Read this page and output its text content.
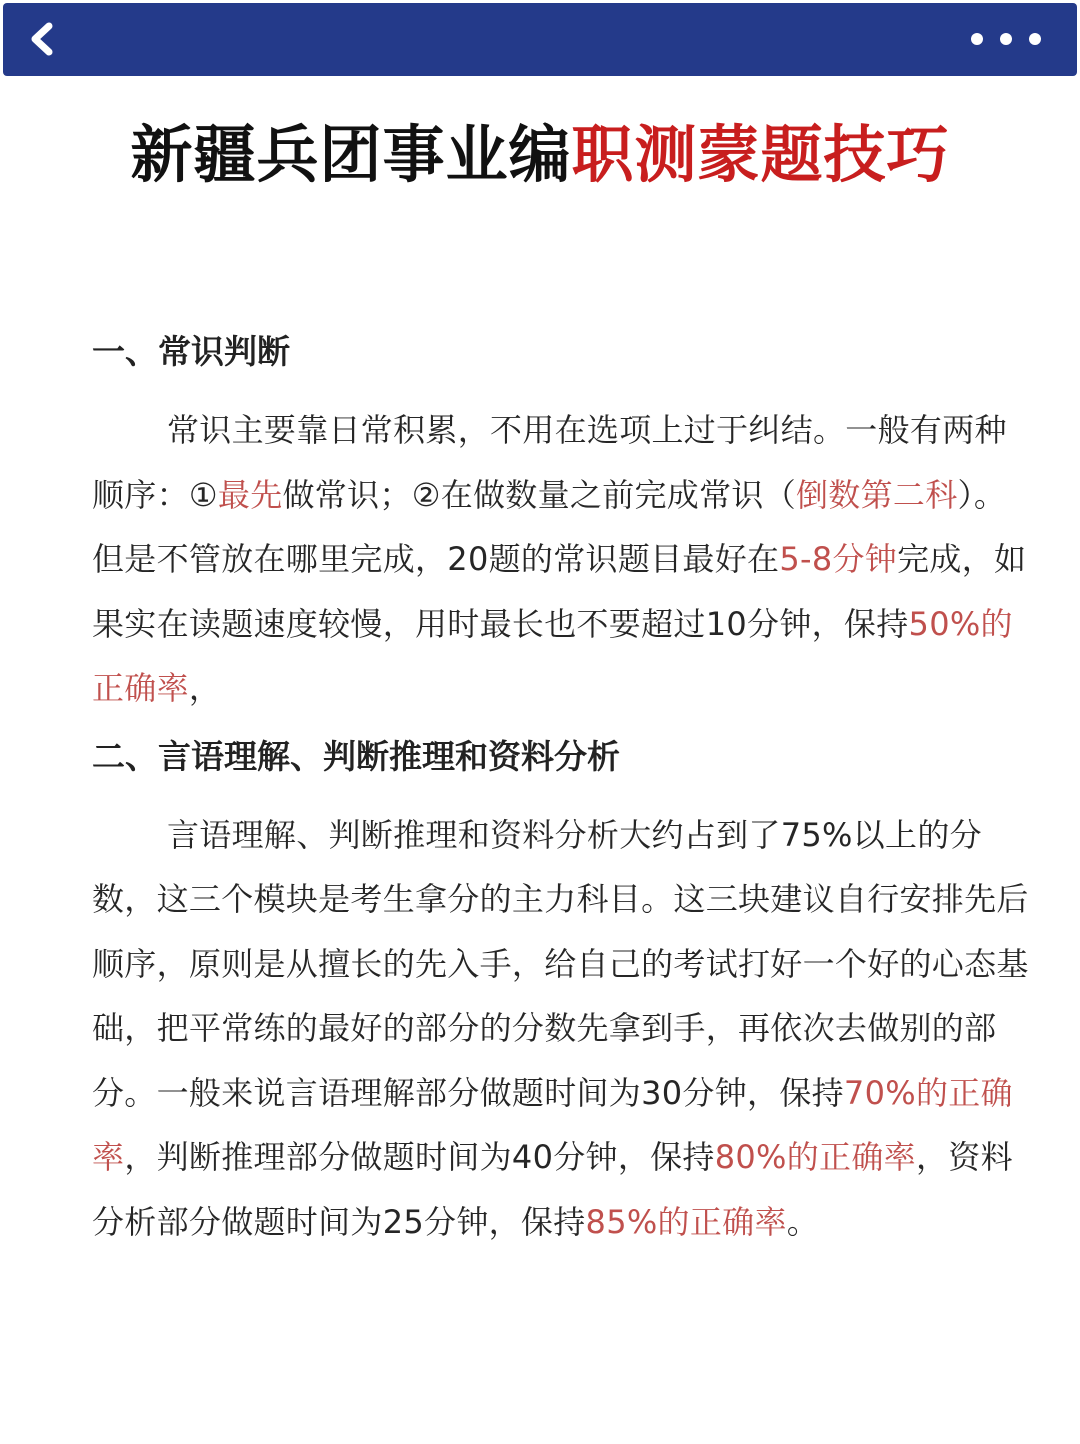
新疆兵团事业编职测蒙题技巧
一、常识判断

常识主要靠日常积累，不用在选项上过于纠结。一般有两种顺序：①最先做常识；②在做数量之前完成常识（倒数第二科）。但是不管放在哪里完成，20题的常识题目最好在5-8分钟完成，如果实在读题速度较慢，用时最长也不要超过10分钟，保持50%的正确率，

二、言语理解、判断推理和资料分析

言语理解、判断推理和资料分析大约占到了75%以上的分数，这三个模块是考生拿分的主力科目。这三块建议自行安排先后顺序，原则是从擅长的先入手，给自己的考试打好一个好的心态基础，把平常练的最好的部分的分数先拿到手，再依次去做别的部分。一般来说言语理解部分做题时间为30分钟，保持70%的正确率，判断推理部分做题时间为40分钟，保持80%的正确率，资料分析部分做题时间为25分钟，保持85%的正确率。
